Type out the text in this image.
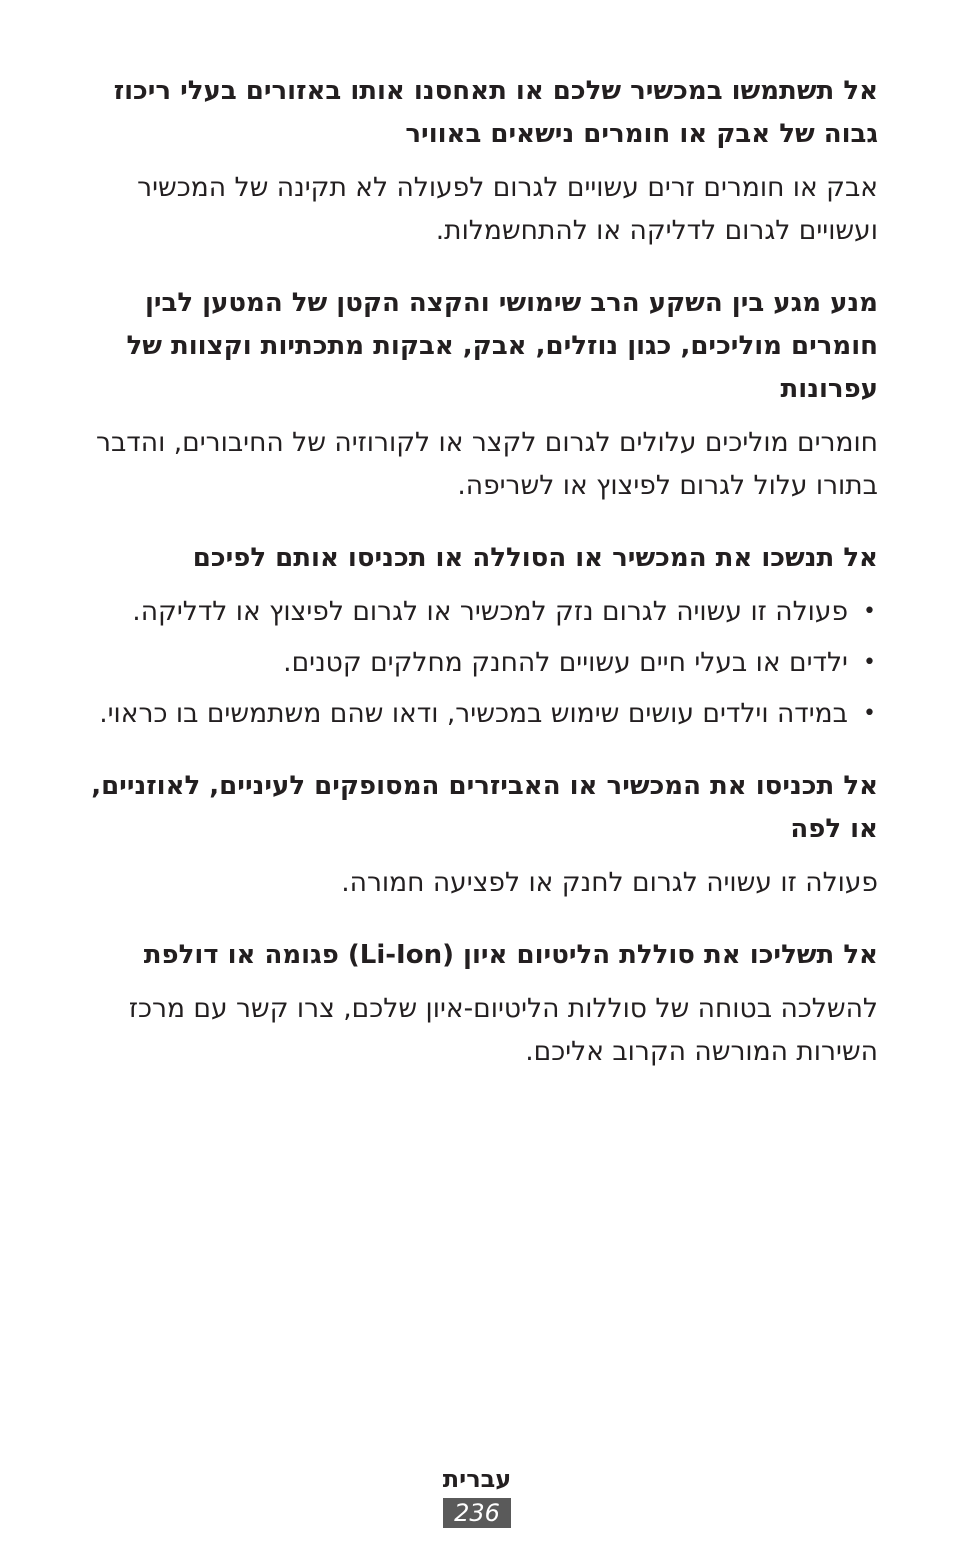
אל תשתמשו במכשיר שלכם או תאחסנו אותו באזורים בעלי ריכוז גבוה של אבק או חומרים נישאים באוויר

אבק או חומרים זרים עשויים לגרום לפעולה לא תקינה של המכשיר ועשויים לגרום לדליקה או להתחשמלות.

מנע מגע בין השקע הרב שימושי והקצה הקטן של המטען לבין חומרים מוליכים, כגון נוזלים, אבק, אבקות מתכתיות וקצוות של עפרונות

חומרים מוליכים עלולים לגרום לקצר או לקורוזיה של החיבורים, והדבר בתורו עלול לגרום לפיצוץ או לשריפה.

אל תנשכו את המכשיר או הסוללה או תכניסו אותם לפיכם
•
פעולה זו עשויה לגרום נזק למכשיר או לגרום לפיצוץ או לדליקה.
•
ילדים או בעלי חיים עשויים להחנק מחלקים קטנים.
•
במידה וילדים עושים שימוש במכשיר, ודאו שהם משתמשים בו כראוי.
אל תכניסו את המכשיר או האביזרים המסופקים לעיניים, לאוזניים, או לפה

פעולה זו עשויה לגרום לחנק או לפציעה חמורה.

אל תשליכו את סוללת הליטיום איון (Li-Ion) פגומה או דולפת

להשלכה בטוחה של סוללות הליטיום-איון שלכם, צרו קשר עם מרכז השירות המורשה הקרוב אליכם.

עברית
236
